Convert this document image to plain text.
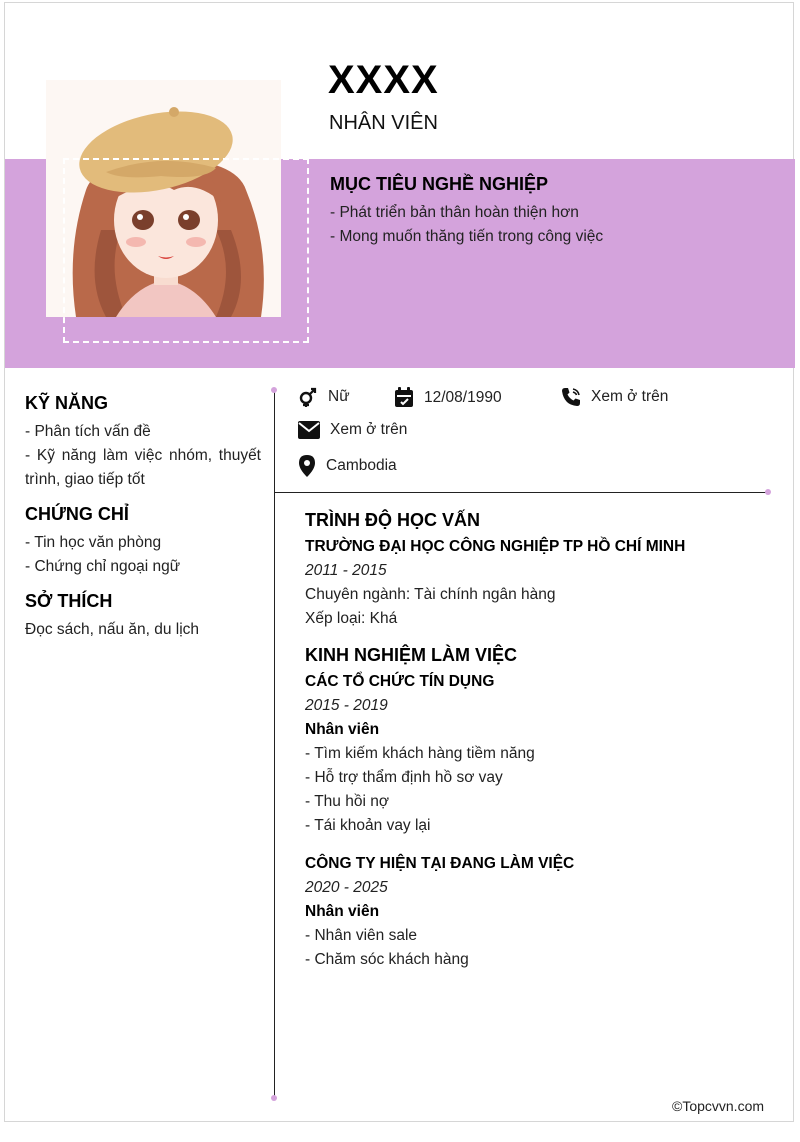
XXXX
NHÂN VIÊN
MỤC TIÊU NGHỀ NGHIỆP
- Phát triển bản thân hoàn thiện hơn
- Mong muốn thăng tiến trong công việc
KỸ NĂNG
- Phân tích vấn đề
- Kỹ năng làm việc nhóm, thuyết trình, giao tiếp tốt
CHỨNG CHỈ
- Tin học văn phòng
- Chứng chỉ ngoại ngữ
SỞ THÍCH
Đọc sách, nấu ăn, du lịch
Nữ	12/08/1990	Xem ở trên
Xem ở trên
Cambodia
TRÌNH ĐỘ HỌC VẤN
TRƯỜNG ĐẠI HỌC CÔNG NGHIỆP TP HỒ CHÍ MINH
2011 - 2015
Chuyên ngành: Tài chính ngân hàng
Xếp loại: Khá
KINH NGHIỆM LÀM VIỆC
CÁC TỔ CHỨC TÍN DỤNG
2015 - 2019
Nhân viên
- Tìm kiếm khách hàng tiềm năng
- Hỗ trợ thẩm định hồ sơ vay
- Thu hồi nợ
- Tái khoản vay lại
CÔNG TY HIỆN TẠI ĐANG LÀM VIỆC
2020 - 2025
Nhân viên
- Nhân viên sale
- Chăm sóc khách hàng
©Topcvvn.com
